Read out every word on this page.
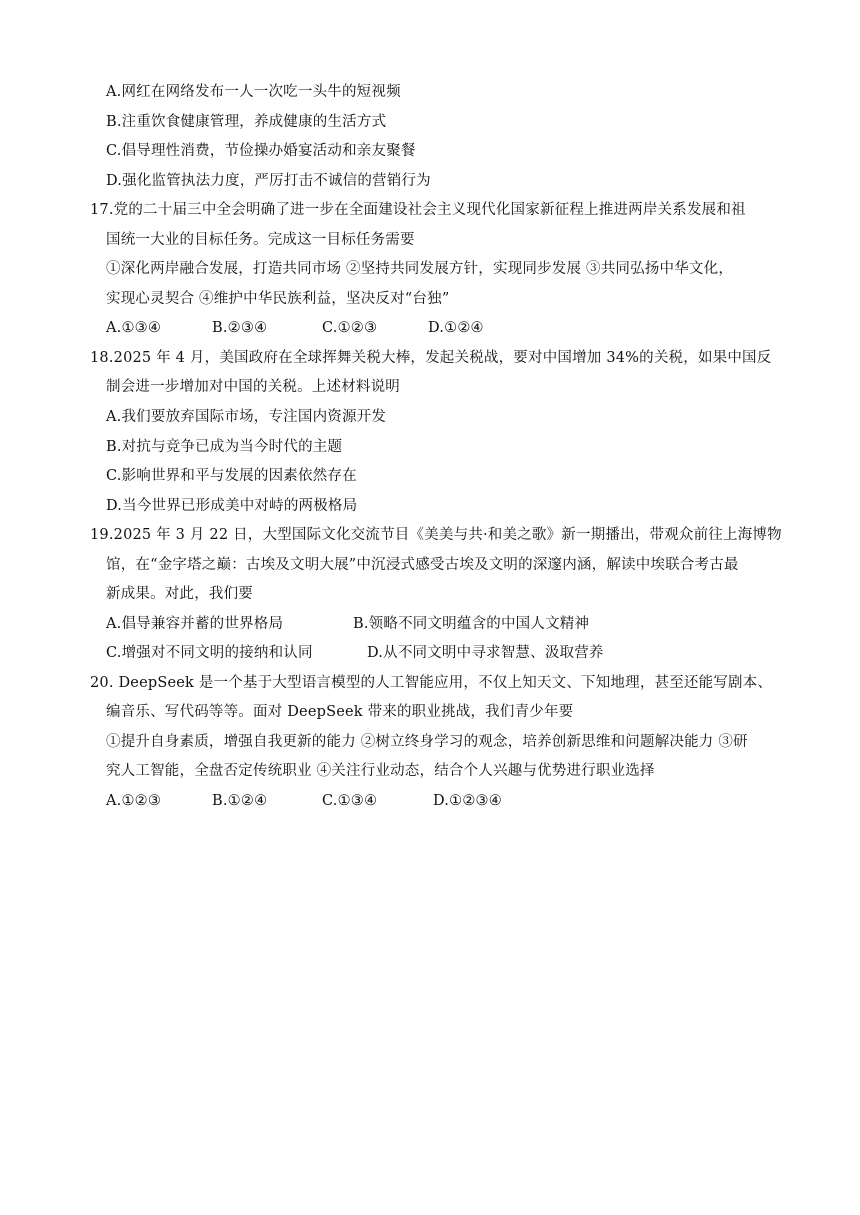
A.网红在网络发布一人一次吃一头牛的短视频
B.注重饮食健康管理，养成健康的生活方式
C.倡导理性消费，节俭操办婚宴活动和亲友聚餐
D.强化监管执法力度，严厉打击不诚信的营销行为
17.党的二十届三中全会明确了进一步在全面建设社会主义现代化国家新征程上推进两岸关系发展和祖
国统一大业的目标任务。完成这一目标任务需要
①深化两岸融合发展，打造共同市场 ②坚持共同发展方针，实现同步发展 ③共同弘扬中华文化，
实现心灵契合 ④维护中华民族利益，坚决反对“台独”
A.①③④	B.②③④	C.①②③	D.①②④
18.2025 年 4 月，美国政府在全球挥舞关税大棒，发起关税战，要对中国增加 34%的关税，如果中国反
制会进一步增加对中国的关税。上述材料说明
A.我们要放弃国际市场，专注国内资源开发
B.对抗与竞争已成为当今时代的主题
C.影响世界和平与发展的因素依然存在
D.当今世界已形成美中对峙的两极格局
19.2025 年 3 月 22 日，大型国际文化交流节目《美美与共·和美之歌》新一期播出，带观众前往上海博物
馆，在“金字塔之巅：古埃及文明大展”中沉浸式感受古埃及文明的深邃内涵，解读中埃联合考古最
新成果。对此，我们要
A.倡导兼容并蓄的世界格局	B.领略不同文明蕴含的中国人文精神
C.增强对不同文明的接纳和认同	D.从不同文明中寻求智慧、汲取营养
20. DeepSeek 是一个基于大型语言模型的人工智能应用，不仅上知天文、下知地理，甚至还能写剧本、
编音乐、写代码等等。面对 DeepSeek 带来的职业挑战，我们青少年要
①提升自身素质，增强自我更新的能力 ②树立终身学习的观念，培养创新思维和问题解决能力 ③研
究人工智能，全盘否定传统职业 ④关注行业动态，结合个人兴趣与优势进行职业选择
A.①②③	B.①②④	C.①③④	D.①②③④
